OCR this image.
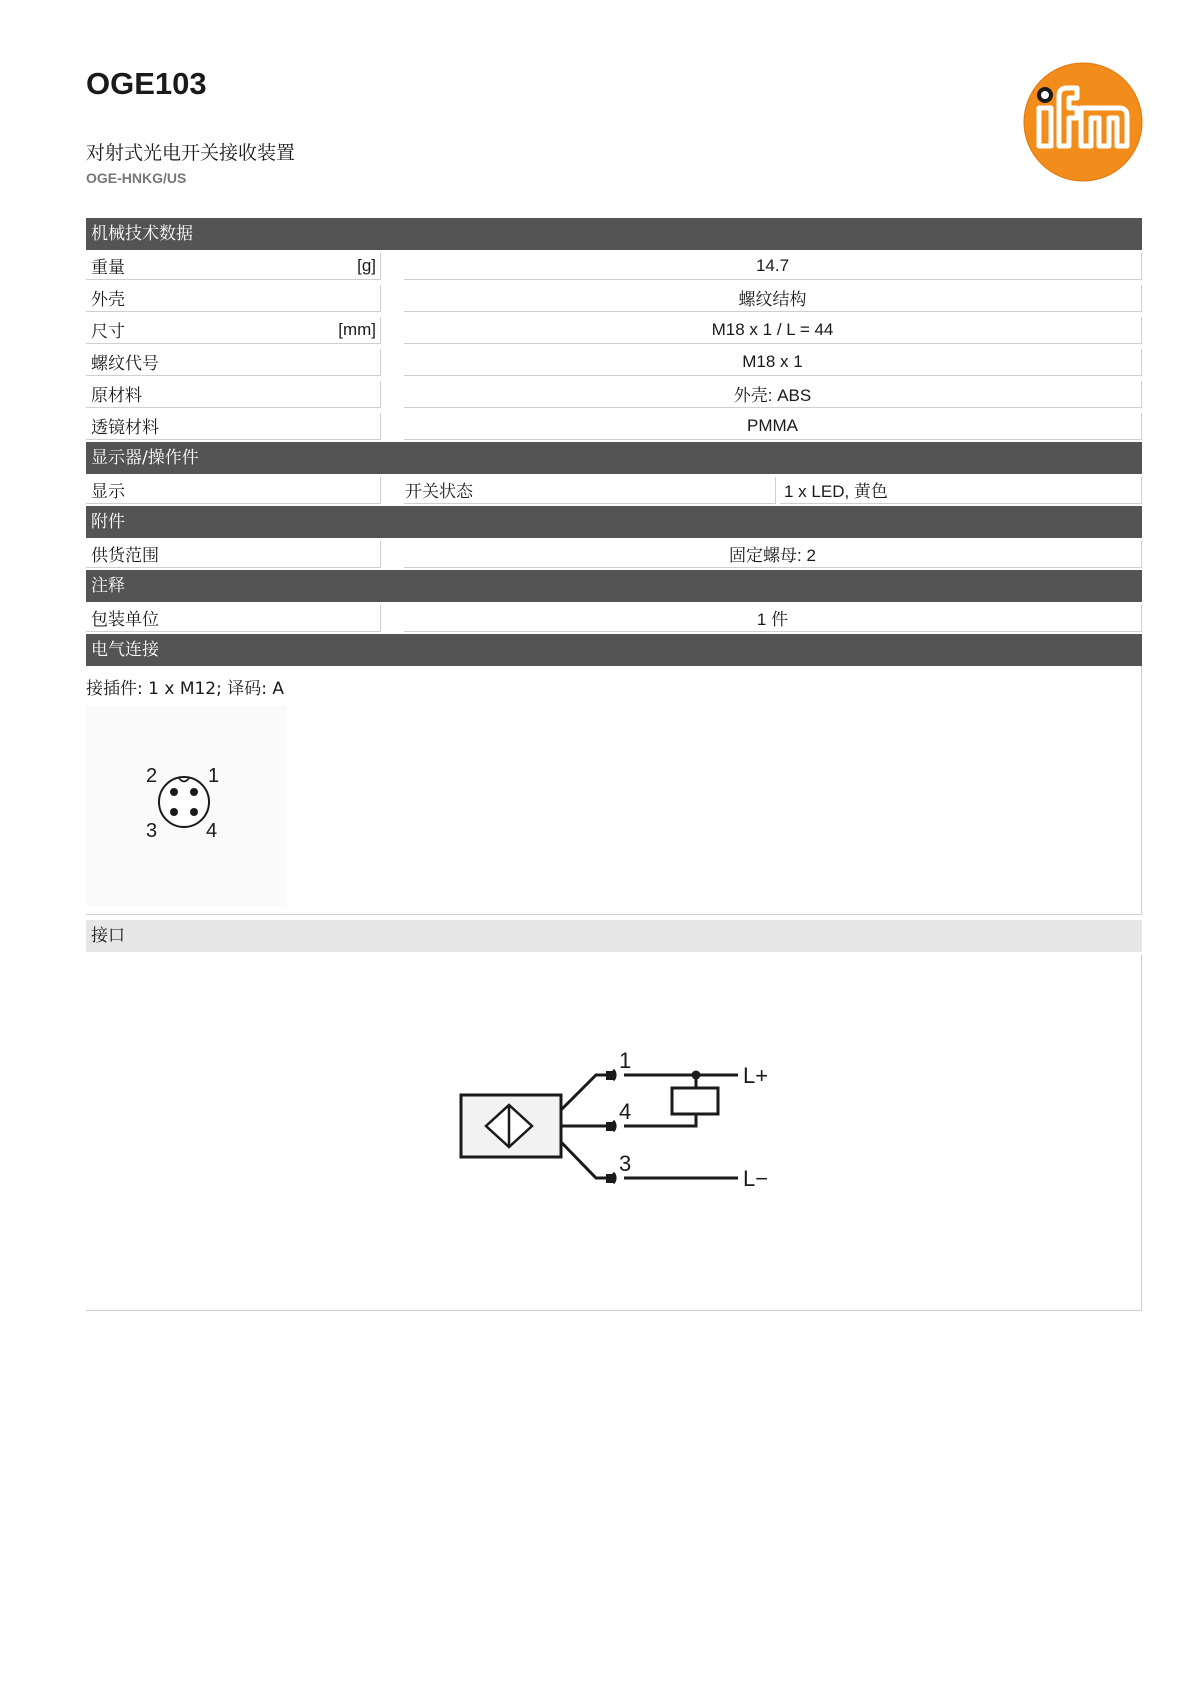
OGE103
对射式光电开关接收装置
OGE-HNKG/US
机械技术数据
重量	[g]	14.7
外壳	螺纹结构
尺寸	[mm]	M18 x 1 / L = 44
螺纹代号	M18 x 1
原材料	外壳: ABS
透镜材料	PMMA
显示器/操作件
显示	开关状态	1 x LED, 黄色
附件
供货范围	固定螺母: 2
注释
包装单位	1 件
电气连接
接插件: 1 x M12; 译码: A
2	1
3 4
接口
1
4
3
L+
L−
